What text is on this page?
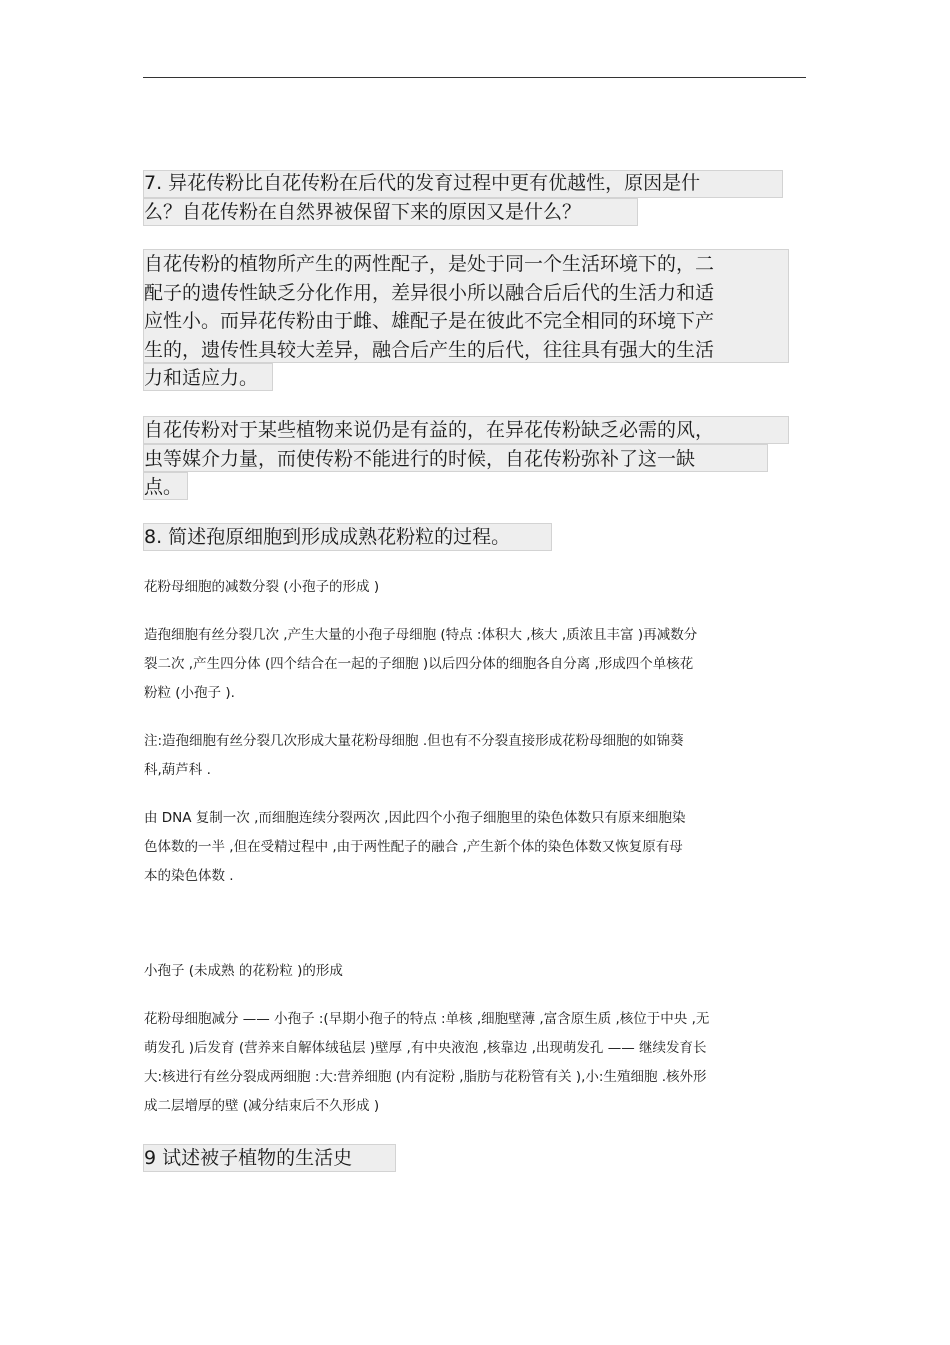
7. 异花传粉比自花传粉在后代的发育过程中更有优越性，原因是什
么？自花传粉在自然界被保留下来的原因又是什么？
自花传粉的植物所产生的两性配子，是处于同一个生活环境下的，二
配子的遗传性缺乏分化作用，差异很小所以融合后后代的生活力和适
应性小。而异花传粉由于雌、雄配子是在彼此不完全相同的环境下产
生的，遗传性具较大差异，融合后产生的后代，往往具有强大的生活
力和适应力。
自花传粉对于某些植物来说仍是有益的，在异花传粉缺乏必需的风，
虫等媒介力量，而使传粉不能进行的时候，自花传粉弥补了这一缺
点。
8. 简述孢原细胞到形成成熟花粉粒的过程。
花粉母细胞的减数分裂 (小孢子的形成 )
造孢细胞有丝分裂几次 ,产生大量的小孢子母细胞 (特点 :体积大 ,核大 ,质浓且丰富 )再减数分
裂二次 ,产生四分体 (四个结合在一起的子细胞 )以后四分体的细胞各自分离 ,形成四个单核花
粉粒 (小孢子 ).
注:造孢细胞有丝分裂几次形成大量花粉母细胞 .但也有不分裂直接形成花粉母细胞的如锦葵
科,葫芦科 .
由 DNA 复制一次 ,而细胞连续分裂两次 ,因此四个小孢子细胞里的染色体数只有原来细胞染
色体数的一半 ,但在受精过程中 ,由于两性配子的融合 ,产生新个体的染色体数又恢复原有母
本的染色体数 .
小孢子 (未成熟 的花粉粒 )的形成
花粉母细胞减分 —— 小孢子 :(早期小孢子的特点 :单核 ,细胞壁薄 ,富含原生质 ,核位于中央 ,无
萌发孔 )后发育 (营养来自解体绒毡层 )壁厚 ,有中央液泡 ,核靠边 ,出现萌发孔 —— 继续发育长
大:核进行有丝分裂成两细胞 :大:营养细胞 (内有淀粉 ,脂肪与花粉管有关 ),小:生殖细胞 .核外形
成二层增厚的壁 (减分结束后不久形成 )
9 试述被子植物的生活史
